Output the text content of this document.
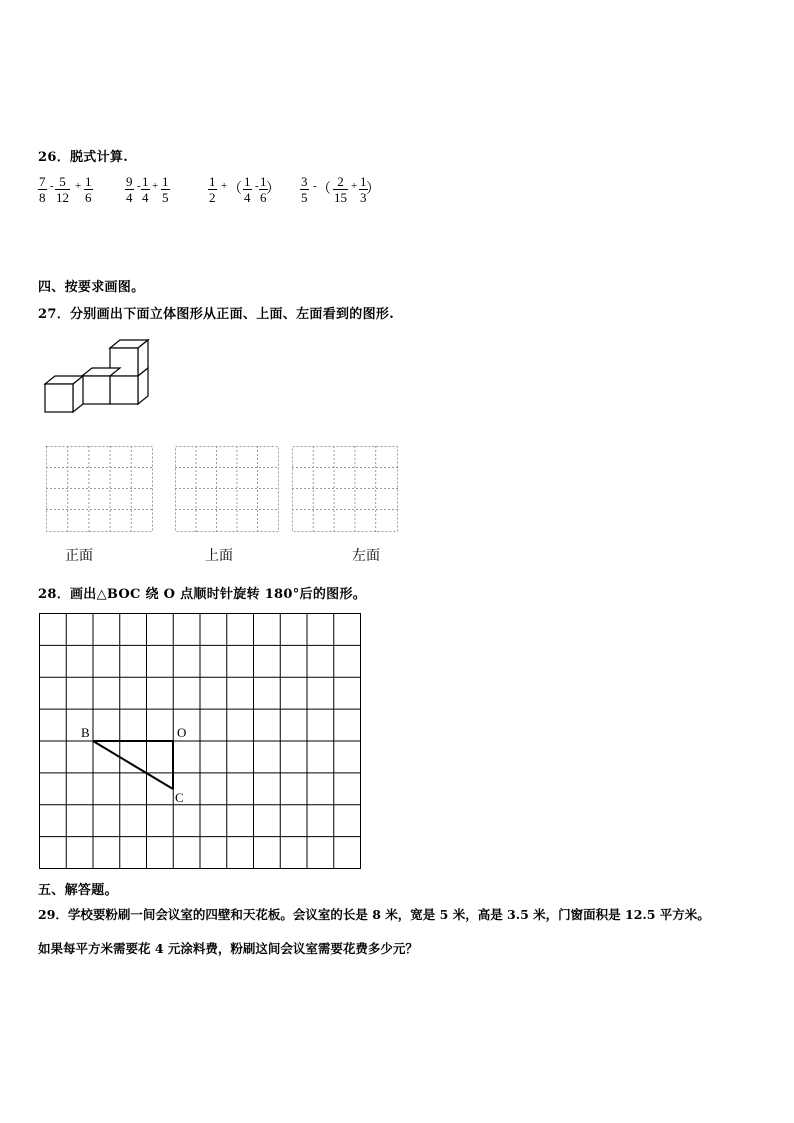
26．脱式计算.
$\frac{7}{8} - \frac{5}{12} + \frac{1}{6}$	$\frac{9}{4} - \frac{1}{4} + \frac{1}{5}$	$\frac{1}{2}$ + （ $\frac{1}{4} - \frac{1}{6}$
） $\frac{3}{5}$ - （ $\frac{2}{15} + \frac{1}{3}$
）
四、按要求画图。
27．分别画出下面立体图形从正面、上面、左面看到的图形.
正面	上面	左面
28．画出△BOC 绕 O 点顺时针旋转 180°后的图形。
B	O
C
五、解答题。
29．学校要粉刷一间会议室的四壁和天花板。会议室的长是 8 米，宽是 5 米，高是 3.5 米，门窗面积是 12.5 平方米。
如果每平方米需要花 4 元涂料费，粉刷这间会议室需要花费多少元？
